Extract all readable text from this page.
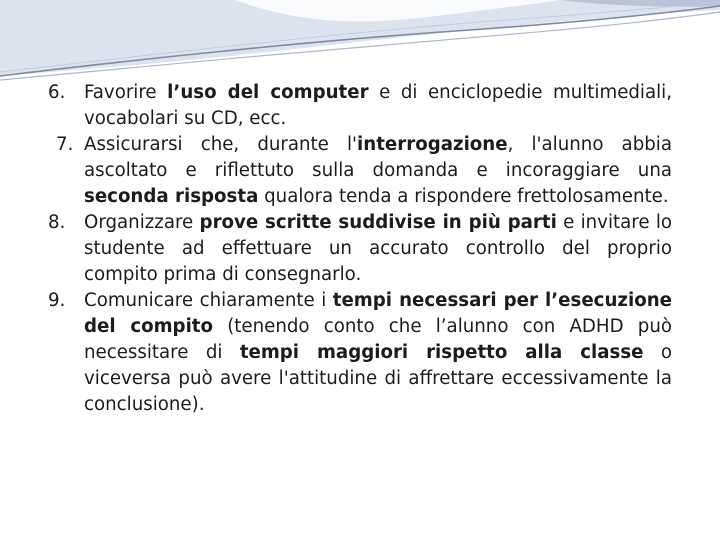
6. Favorire l’uso del computer e di enciclopedie multimediali, vocabolari su CD, ecc.
7. Assicurarsi che, durante l'interrogazione, l'alunno abbia ascoltato e riflettuto sulla domanda e incoraggiare una seconda risposta qualora tenda a rispondere frettolosamente.
8. Organizzare prove scritte suddivise in più parti e invitare lo studente ad effettuare un accurato controllo del proprio compito prima di consegnarlo.
9. Comunicare chiaramente i tempi necessari per l’esecuzione del compito (tenendo conto che l’alunno con ADHD può necessitare di tempi maggiori rispetto alla classe o viceversa può avere l'attitudine di affrettare eccessivamente la conclusione).
